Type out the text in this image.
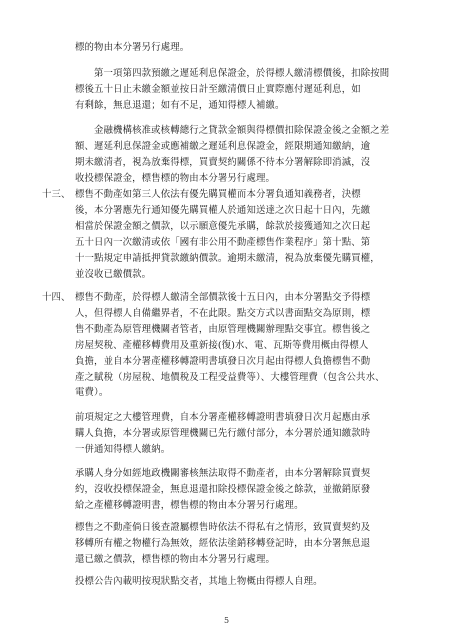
標的物由本分署另行處理。

第一項第四款預繳之遲延利息保證金，於得標人繳清標價後，扣除按間
標後五十日止未繳金額並按日計至繳清價日止實際應付遲延利息，如
有剩餘，無息退還；如有不足，通知得標人補繳。

金融機構核准或核轉總行之貸款金額與得標價扣除保證金後之金額之差
額、遲延利息保證金或應補繳之遲延利息保證金，經限期通知繳納，逾
期未繳清者，視為放棄得標，買賣契約關係不待本分署解除即消滅，沒
收投標保證金，標售標的物由本分署另行處理。

十三、 標售不動產如第三人依法有優先購買權而本分署負通知義務者，決標
後，本分署應先行通知優先購買權人於通知送達之次日起十日內，先繳
相當於保證金額之價款，以示願意優先承購，餘款於接獲通知之次日起
五十日內一次繳清或依「國有非公用不動產標售作業程序」第十點、第
十一點規定申請抵押貸款繳納價款。逾期未繳清，視為放棄優先購買權，
並沒收已繳價款。

十四、 標售不動產，於得標人繳清全部價款後十五日內，由本分署點交予得標
人，但得標人自備繼界者，不在此限。點交方式以書面點交為原則，標
售不動產為原管理機關者管者，由原管理機關辦理點交事宜。標售後之
房屋契稅、產權移轉費用及重新接(復)水、電、瓦斯等費用概由得標人
負擔，並自本分署產權移轉證明書填發日次月起由得標人負擔標售不動
產之賦稅（房屋稅、地價稅及工程受益費等）、大樓管理費（包含公共水、
電費）。

前項規定之大樓管理費，自本分署產權移轉證明書填發日次月起應由承
購人負擔，本分署或原管理機關已先行繳付部分，本分署於通知繳款時
一併通知得標人繳納。

承購人身分如經地政機關審核無法取得不動產者，由本分署解除買賣契
約，沒收投標保證金，無息退還扣除投標保證金後之餘款，並撤銷原發
給之產權移轉證明書，標售標的物由本分署另行處理。

標售之不動產倘日後查證屬標售時依法不得私有之情形，致買賣契約及
移轉所有權之物權行為無效，經依法塗銷移轉登記時，由本分署無息退
還已繳之價款，標售標的物由本分署另行處理。

投標公告內載明按現狀點交者，其地上物概由得標人自理。

5
